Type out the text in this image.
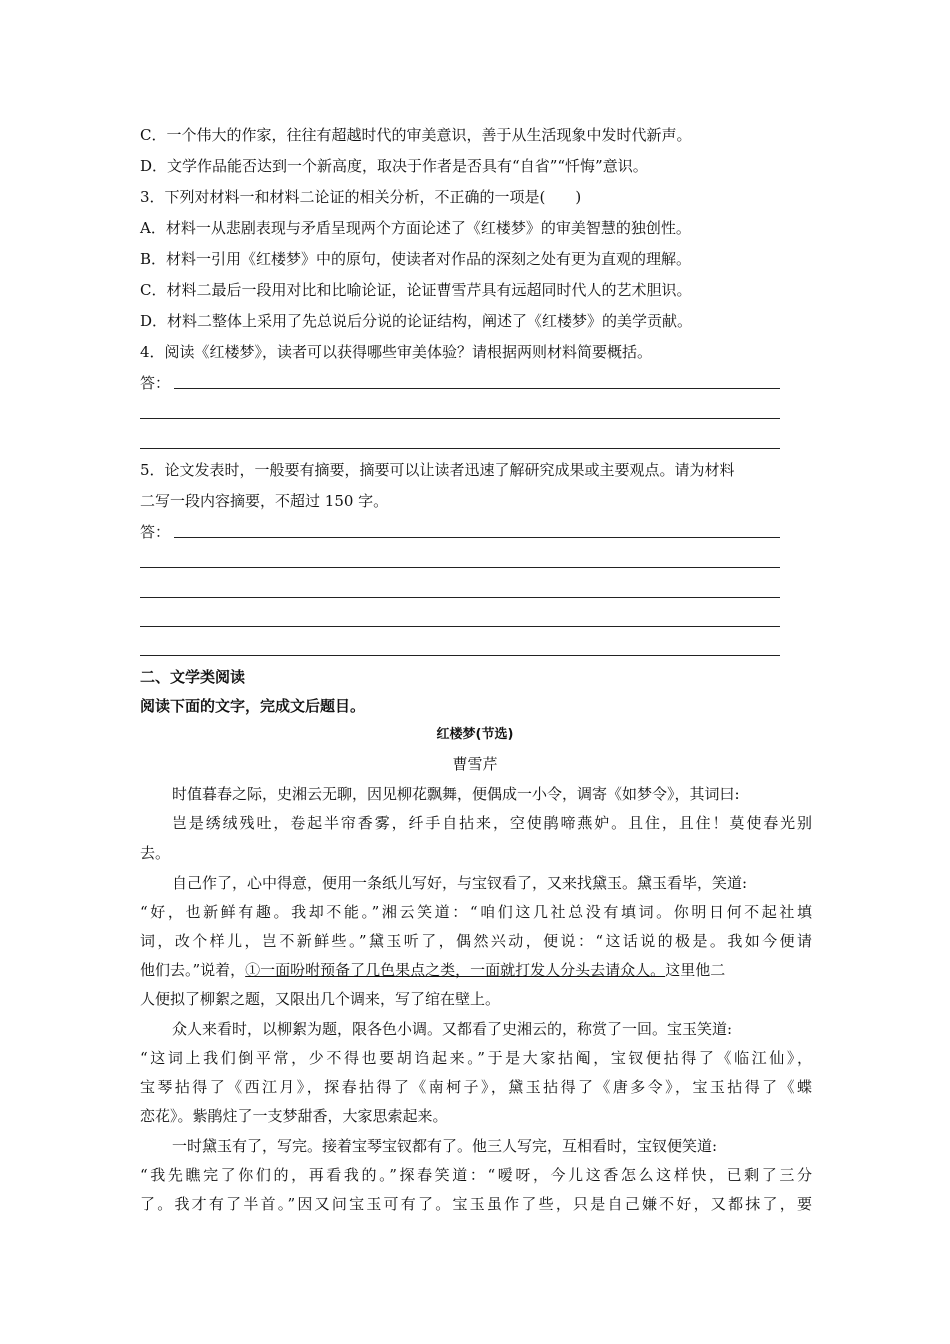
C．一个伟大的作家，往往有超越时代的审美意识，善于从生活现象中发时代新声。
D．文学作品能否达到一个新高度，取决于作者是否具有“自省”“忏悔”意识。
3．下列对材料一和材料二论证的相关分析，不正确的一项是(　　)
A．材料一从悲剧表现与矛盾呈现两个方面论述了《红楼梦》的审美智慧的独创性。
B．材料一引用《红楼梦》中的原句，使读者对作品的深刻之处有更为直观的理解。
C．材料二最后一段用对比和比喻论证，论证曹雪芹具有远超同时代人的艺术胆识。
D．材料二整体上采用了先总说后分说的论证结构，阐述了《红楼梦》的美学贡献。
4．阅读《红楼梦》，读者可以获得哪些审美体验？请根据两则材料简要概括。
答：
5．论文发表时，一般要有摘要，摘要可以让读者迅速了解研究成果或主要观点。请为材料
二写一段内容摘要，不超过 150 字。
答：
二、文学类阅读
阅读下面的文字，完成文后题目。
红楼梦(节选)
曹雪芹
时值暮春之际，史湘云无聊，因见柳花飘舞，便偶成一小令，调寄《如梦令》，其词曰:
岂是绣绒残吐，卷起半帘香雾，纤手自拈来，空使鹃啼燕妒。且住，且住！莫使春光别
去。
自己作了，心中得意，便用一条纸儿写好，与宝钗看了，又来找黛玉。黛玉看毕，笑道:
“好，也新鲜有趣。我却不能。”湘云笑道：“咱们这几社总没有填词。你明日何不起社填
词，改个样儿，岂不新鲜些。”黛玉听了，偶然兴动，便说：“这话说的极是。我如今便请
他们去。”说着，①一面吩咐预备了几色果点之类，一面就打发人分头去请众人。这里他二
人便拟了柳絮之题，又限出几个调来，写了绾在壁上。
众人来看时，以柳絮为题，限各色小调。又都看了史湘云的，称赏了一回。宝玉笑道:
“这词上我们倒平常，少不得也要胡诌起来。”于是大家拈阄，宝钗便拈得了《临江仙》，
宝琴拈得了《西江月》，探春拈得了《南柯子》，黛玉拈得了《唐多令》，宝玉拈得了《蝶
恋花》。紫鹃炷了一支梦甜香，大家思索起来。
一时黛玉有了，写完。接着宝琴宝钗都有了。他三人写完，互相看时，宝钗便笑道:
“我先瞧完了你们的，再看我的。”探春笑道：“嗳呀，今儿这香怎么这样快，已剩了三分
了。我才有了半首。”因又问宝玉可有了。宝玉虽作了些，只是自己嫌不好，又都抹了，要
